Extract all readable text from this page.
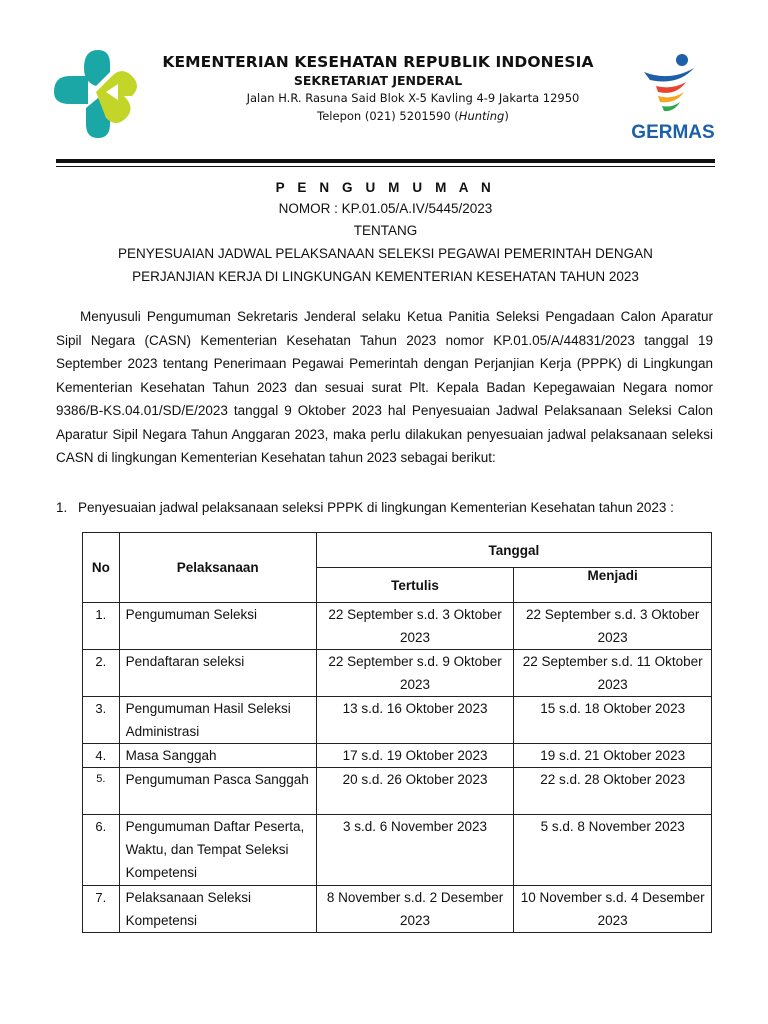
KEMENTERIAN KESEHATAN REPUBLIK INDONESIA
SEKRETARIAT JENDERAL
Jalan H.R. Rasuna Said Blok X-5 Kavling 4-9 Jakarta 12950
Telepon (021) 5201590 (Hunting)
GERMAS
P E N G U M U M A N
NOMOR : KP.01.05/A.IV/5445/2023
TENTANG
PENYESUAIAN JADWAL PELAKSANAAN SELEKSI PEGAWAI PEMERINTAH DENGAN
PERJANJIAN KERJA DI LINGKUNGAN KEMENTERIAN KESEHATAN TAHUN 2023
Menyusuli Pengumuman Sekretaris Jenderal selaku Ketua Panitia Seleksi Pengadaan Calon Aparatur Sipil Negara (CASN) Kementerian Kesehatan Tahun 2023 nomor KP.01.05/A/44831/2023 tanggal 19 September 2023 tentang Penerimaan Pegawai Pemerintah dengan Perjanjian Kerja (PPPK) di Lingkungan Kementerian Kesehatan Tahun 2023 dan sesuai surat Plt. Kepala Badan Kepegawaian Negara nomor 9386/B-KS.04.01/SD/E/2023 tanggal 9 Oktober 2023 hal Penyesuaian Jadwal Pelaksanaan Seleksi Calon Aparatur Sipil Negara Tahun Anggaran 2023, maka perlu dilakukan penyesuaian jadwal pelaksanaan seleksi CASN di lingkungan Kementerian Kesehatan tahun 2023 sebagai berikut:
1. Penyesuaian jadwal pelaksanaan seleksi PPPK di lingkungan Kementerian Kesehatan tahun 2023 :
No	Pelaksanaan	Tanggal	
		Tertulis	Menjadi
1.	Pengumuman Seleksi	22 September s.d. 3 Oktober 2023	22 September s.d. 3 Oktober 2023
2.	Pendaftaran seleksi	22 September s.d. 9 Oktober 2023	22 September s.d. 11 Oktober 2023
3.	Pengumuman Hasil Seleksi Administrasi	13 s.d. 16 Oktober 2023	15 s.d. 18 Oktober 2023
4.	Masa Sanggah	17 s.d. 19 Oktober 2023	19 s.d. 21 Oktober 2023
5.	Pengumuman Pasca Sanggah	20 s.d. 26 Oktober 2023	22 s.d. 28 Oktober 2023
6.	Pengumuman Daftar Peserta, Waktu, dan Tempat Seleksi Kompetensi	3 s.d. 6 November 2023	5 s.d. 8 November 2023
7.	Pelaksanaan Seleksi Kompetensi	8 November s.d. 2 Desember 2023	10 November s.d. 4 Desember 2023
